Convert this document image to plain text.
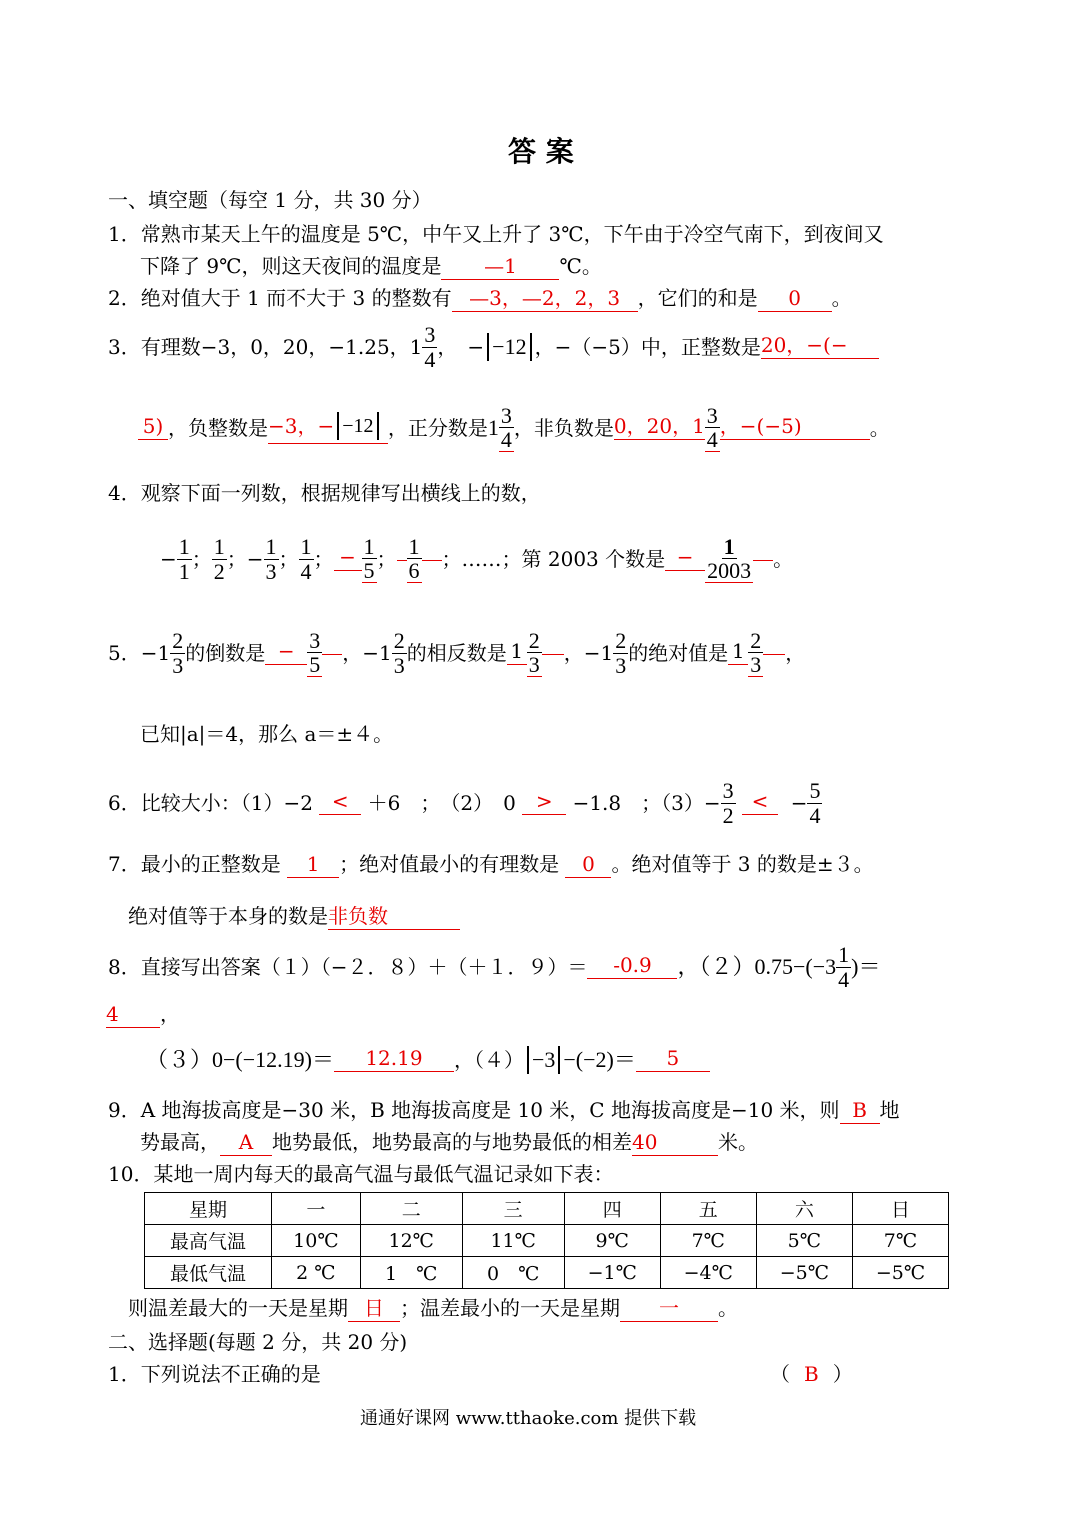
答 案
一、填空题（每空 1 分，共 30 分）
1．常熟市某天上午的温度是 5℃，中午又上升了 3℃，下午由于冷空气南下，到夜间又
下降了 9℃，则这天夜间的温度是 —1 ℃。
2．绝对值大于 1 而不大于 3 的整数有 —3，—2，2，3 ，它们的和是 0 。
3．有理数−3，0，20，−1.25，$1 \frac{3}{4}$ ，　− −12 ，−（−5）中，正整数是 20，−(−
5) ，负整数是 −3，− −12
，正分数是 $1 \frac{3}{4}$ ，非负数是 0，20，$1 \frac{3}{4}$ ，−(−5)	。
4．观察下面一列数，根据规律写出横线上的数，
− $\frac{1}{1}$ ； $\frac{1}{2}$ ； − $\frac{1}{3}$ ； $\frac{1}{4}$ ； − $\frac{1}{5}$ ； $\frac{1}{6}$ ；……；第 2003 个数是 − $\frac{1}{2003}$ 。
5． $-1 \frac{2}{3}$ 的倒数是 − $\frac{3}{5}$ ， $-1 \frac{2}{3}$ 的相反数是 $1 \frac{2}{3}$ ， $-1 \frac{2}{3}$ 的绝对值是 $1 \frac{2}{3}$ ，
已知|a|＝4，那么 a＝±４。
6．比较大小：（1）−2
<
＋6　；　（2）　0
>
−1.8　；$(3)- \frac{3}{2}$
<
	− $\frac{5}{4}$
7．最小的正整数是 1 ；绝对值最小的有理数是 0 。绝对值等于 3 的数是±３。
绝对值等于本身的数是非负数
8．直接写出答案（１）（−２．８）＋（＋１．９）＝	-0.9	，$(2)0.75-(-3 \frac{1}{4}$ )＝
4 ，
（３）0−(−12.19)＝	12.19	，（４） −3 −(−2)＝	5
9．A 地海拔高度是−30 米，B 地海拔高度是 10 米，C 地海拔高度是−10 米，则 B 地
势最高， A 地势最低，地势最高的与地势最低的相差40	米。
10．某地一周内每天的最高气温与最低气温记录如下表：
星期	一	二	三	四	五	六	日
最高气温	10℃	12℃	11℃	9℃	7℃	5℃	7℃
最低气温	2 ℃	1　℃	0　℃	−1℃	−4℃	−5℃	−5℃
则温差最大的一天是星期 日 ；温差最小的一天是星期 一 。
二、选择题(每题 2 分，共 20 分)
1．下列说法不正确的是	（ B ）
通通好课网 www.tthaoke.com 提供下载
